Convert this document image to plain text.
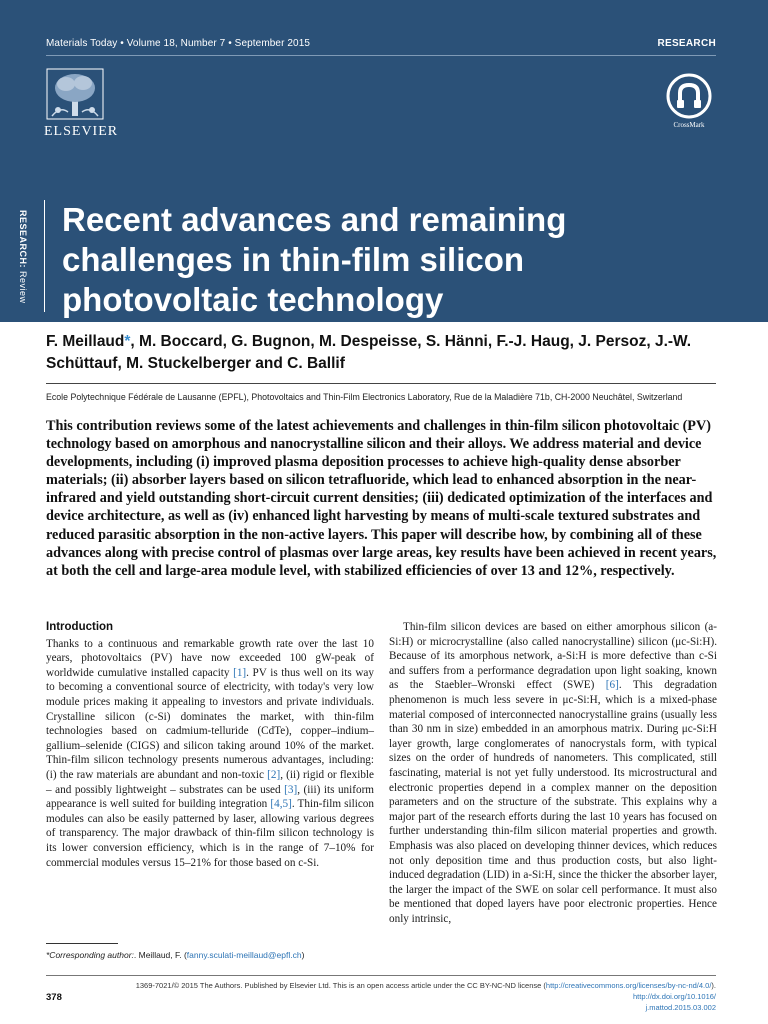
Materials Today • Volume 18, Number 7 • September 2015	RESEARCH
ELSEVIER	CrossMark
RESEARCH: Review
Recent advances and remaining challenges in thin-film silicon photovoltaic technology
F. Meillaud*, M. Boccard, G. Bugnon, M. Despeisse, S. Hänni, F.-J. Haug, J. Persoz, J.-W. Schüttauf, M. Stuckelberger and C. Ballif
Ecole Polytechnique Fédérale de Lausanne (EPFL), Photovoltaics and Thin-Film Electronics Laboratory, Rue de la Maladière 71b, CH-2000 Neuchâtel, Switzerland
This contribution reviews some of the latest achievements and challenges in thin-film silicon photovoltaic (PV) technology based on amorphous and nanocrystalline silicon and their alloys. We address material and device developments, including (i) improved plasma deposition processes to achieve high-quality dense absorber materials; (ii) absorber layers based on silicon tetrafluoride, which lead to enhanced absorption in the near-infrared and yield outstanding short-circuit current densities; (iii) dedicated optimization of the interfaces and device architecture, as well as (iv) enhanced light harvesting by means of multi-scale textured substrates and reduced parasitic absorption in the non-active layers. This paper will describe how, by combining all of these advances along with precise control of plasmas over large areas, key results have been achieved in recent years, at both the cell and large-area module level, with stabilized efficiencies of over 13 and 12%, respectively.
Introduction

Thanks to a continuous and remarkable growth rate over the last 10 years, photovoltaics (PV) have now exceeded 100 gW-peak of worldwide cumulative installed capacity [1]. PV is thus well on its way to becoming a conventional source of electricity, with today's very low module prices making it appealing to investors and private individuals. Crystalline silicon (c-Si) dominates the market, with thin-film technologies based on cadmium-telluride (CdTe), copper–indium–gallium–selenide (CIGS) and silicon taking around 10% of the market. Thin-film silicon technology presents numerous advantages, including: (i) the raw materials are abundant and non-toxic [2], (ii) rigid or flexible – and possibly lightweight – substrates can be used [3], (iii) its uniform appearance is well suited for building integration [4,5]. Thin-film silicon modules can also be easily patterned by laser, allowing various degrees of transparency. The major drawback of thin-film silicon technology is its lower conversion efficiency, which is in the range of 7–10% for commercial modules versus 15–21% for those based on c-Si.

Thin-film silicon devices are based on either amorphous silicon (a-Si:H) or microcrystalline (also called nanocrystalline) silicon (μc-Si:H). Because of its amorphous network, a-Si:H is more defective than c-Si and suffers from a performance degradation upon light soaking, known as the Staebler–Wronski effect (SWE) [6]. This degradation phenomenon is much less severe in μc-Si:H, which is a mixed-phase material composed of interconnected nanocrystalline grains (usually less than 30 nm in size) embedded in an amorphous matrix. During μc-Si:H layer growth, large conglomerates of nanocrystals form, with typical sizes on the order of hundreds of nanometers. This complicated, still fascinating, material is not yet fully understood. Its microstructural and electronic properties depend in a complex manner on the deposition parameters and on the structure of the substrate. This explains why a major part of the research efforts during the last 10 years has focused on further understanding thin-film silicon material properties and growth. Emphasis was also placed on developing thinner devices, which reduces not only deposition time and thus production costs, but also light-induced degradation (LID) in a-Si:H, since the thicker the absorber layer, the larger the impact of the SWE on solar cell performance. It must also be mentioned that doped layers have poor electronic properties. Hence only intrinsic,

*Corresponding author:. Meillaud, F. (fanny.sculati-meillaud@epfl.ch)
378
1369-7021/© 2015 The Authors. Published by Elsevier Ltd. This is an open access article under the CC BY-NC-ND license (http://creativecommons.org/licenses/by-nc-nd/4.0/). http://dx.doi.org/10.1016/
j.mattod.2015.03.002
